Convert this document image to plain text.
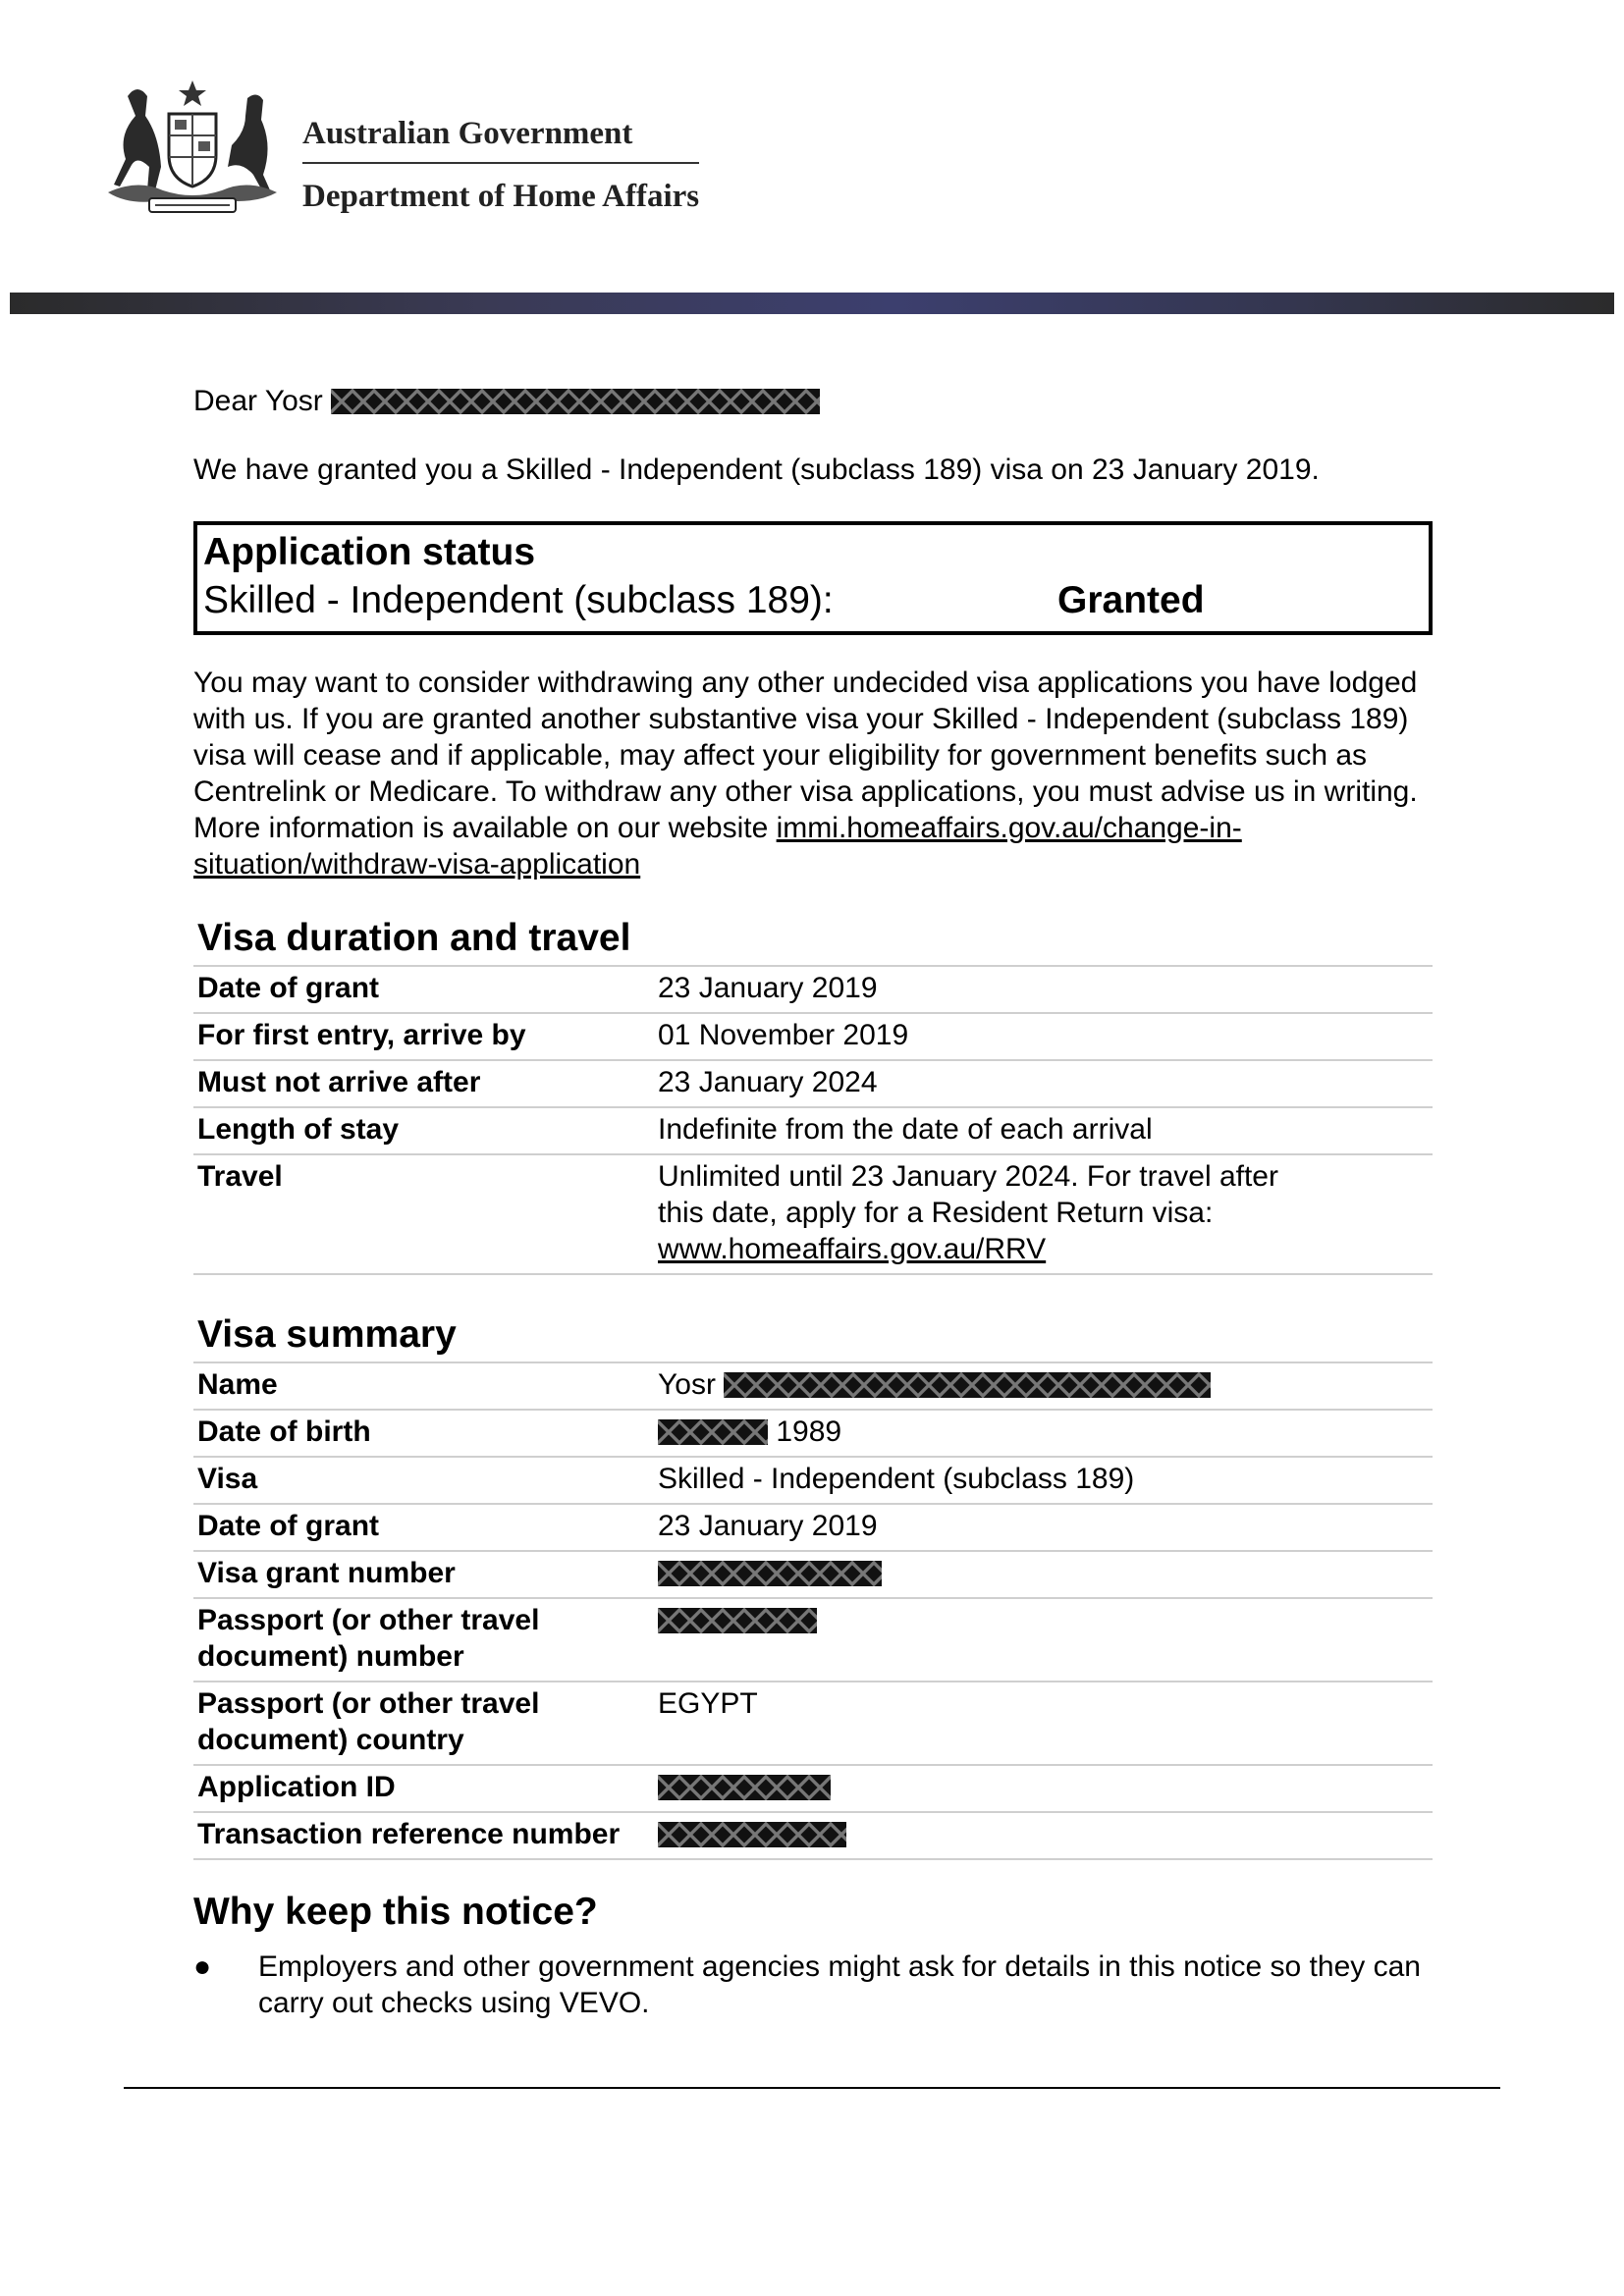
Australian Government
Department of Home Affairs

Dear Yosr

We have granted you a Skilled - Independent (subclass 189) visa on 23 January 2019.

Application status
Skilled - Independent (subclass 189):	Granted

You may want to consider withdrawing any other undecided visa applications you have lodged with us. If you are granted another substantive visa your Skilled - Independent (subclass 189) visa will cease and if applicable, may affect your eligibility for government benefits such as Centrelink or Medicare. To withdraw any other visa applications, you must advise us in writing. More information is available on our website immi.homeaffairs.gov.au/change-in-situation/withdraw-visa-application

Visa duration and travel
Date of grant	23 January 2019
For first entry, arrive by	01 November 2019
Must not arrive after	23 January 2024
Length of stay	Indefinite from the date of each arrival
Travel	Unlimited until 23 January 2024. For travel after this date, apply for a Resident Return visa:
www.homeaffairs.gov.au/RRV
Visa summary
Name	Yosr
Date of birth	1989
Visa	Skilled - Independent (subclass 189)
Date of grant	23 January 2019
Visa grant number	
Passport (or other travel document) number	
Passport (or other travel document) country	EGYPT
Application ID	
Transaction reference number	
Why keep this notice?
●	Employers and other government agencies might ask for details in this notice so they can carry out checks using VEVO.
